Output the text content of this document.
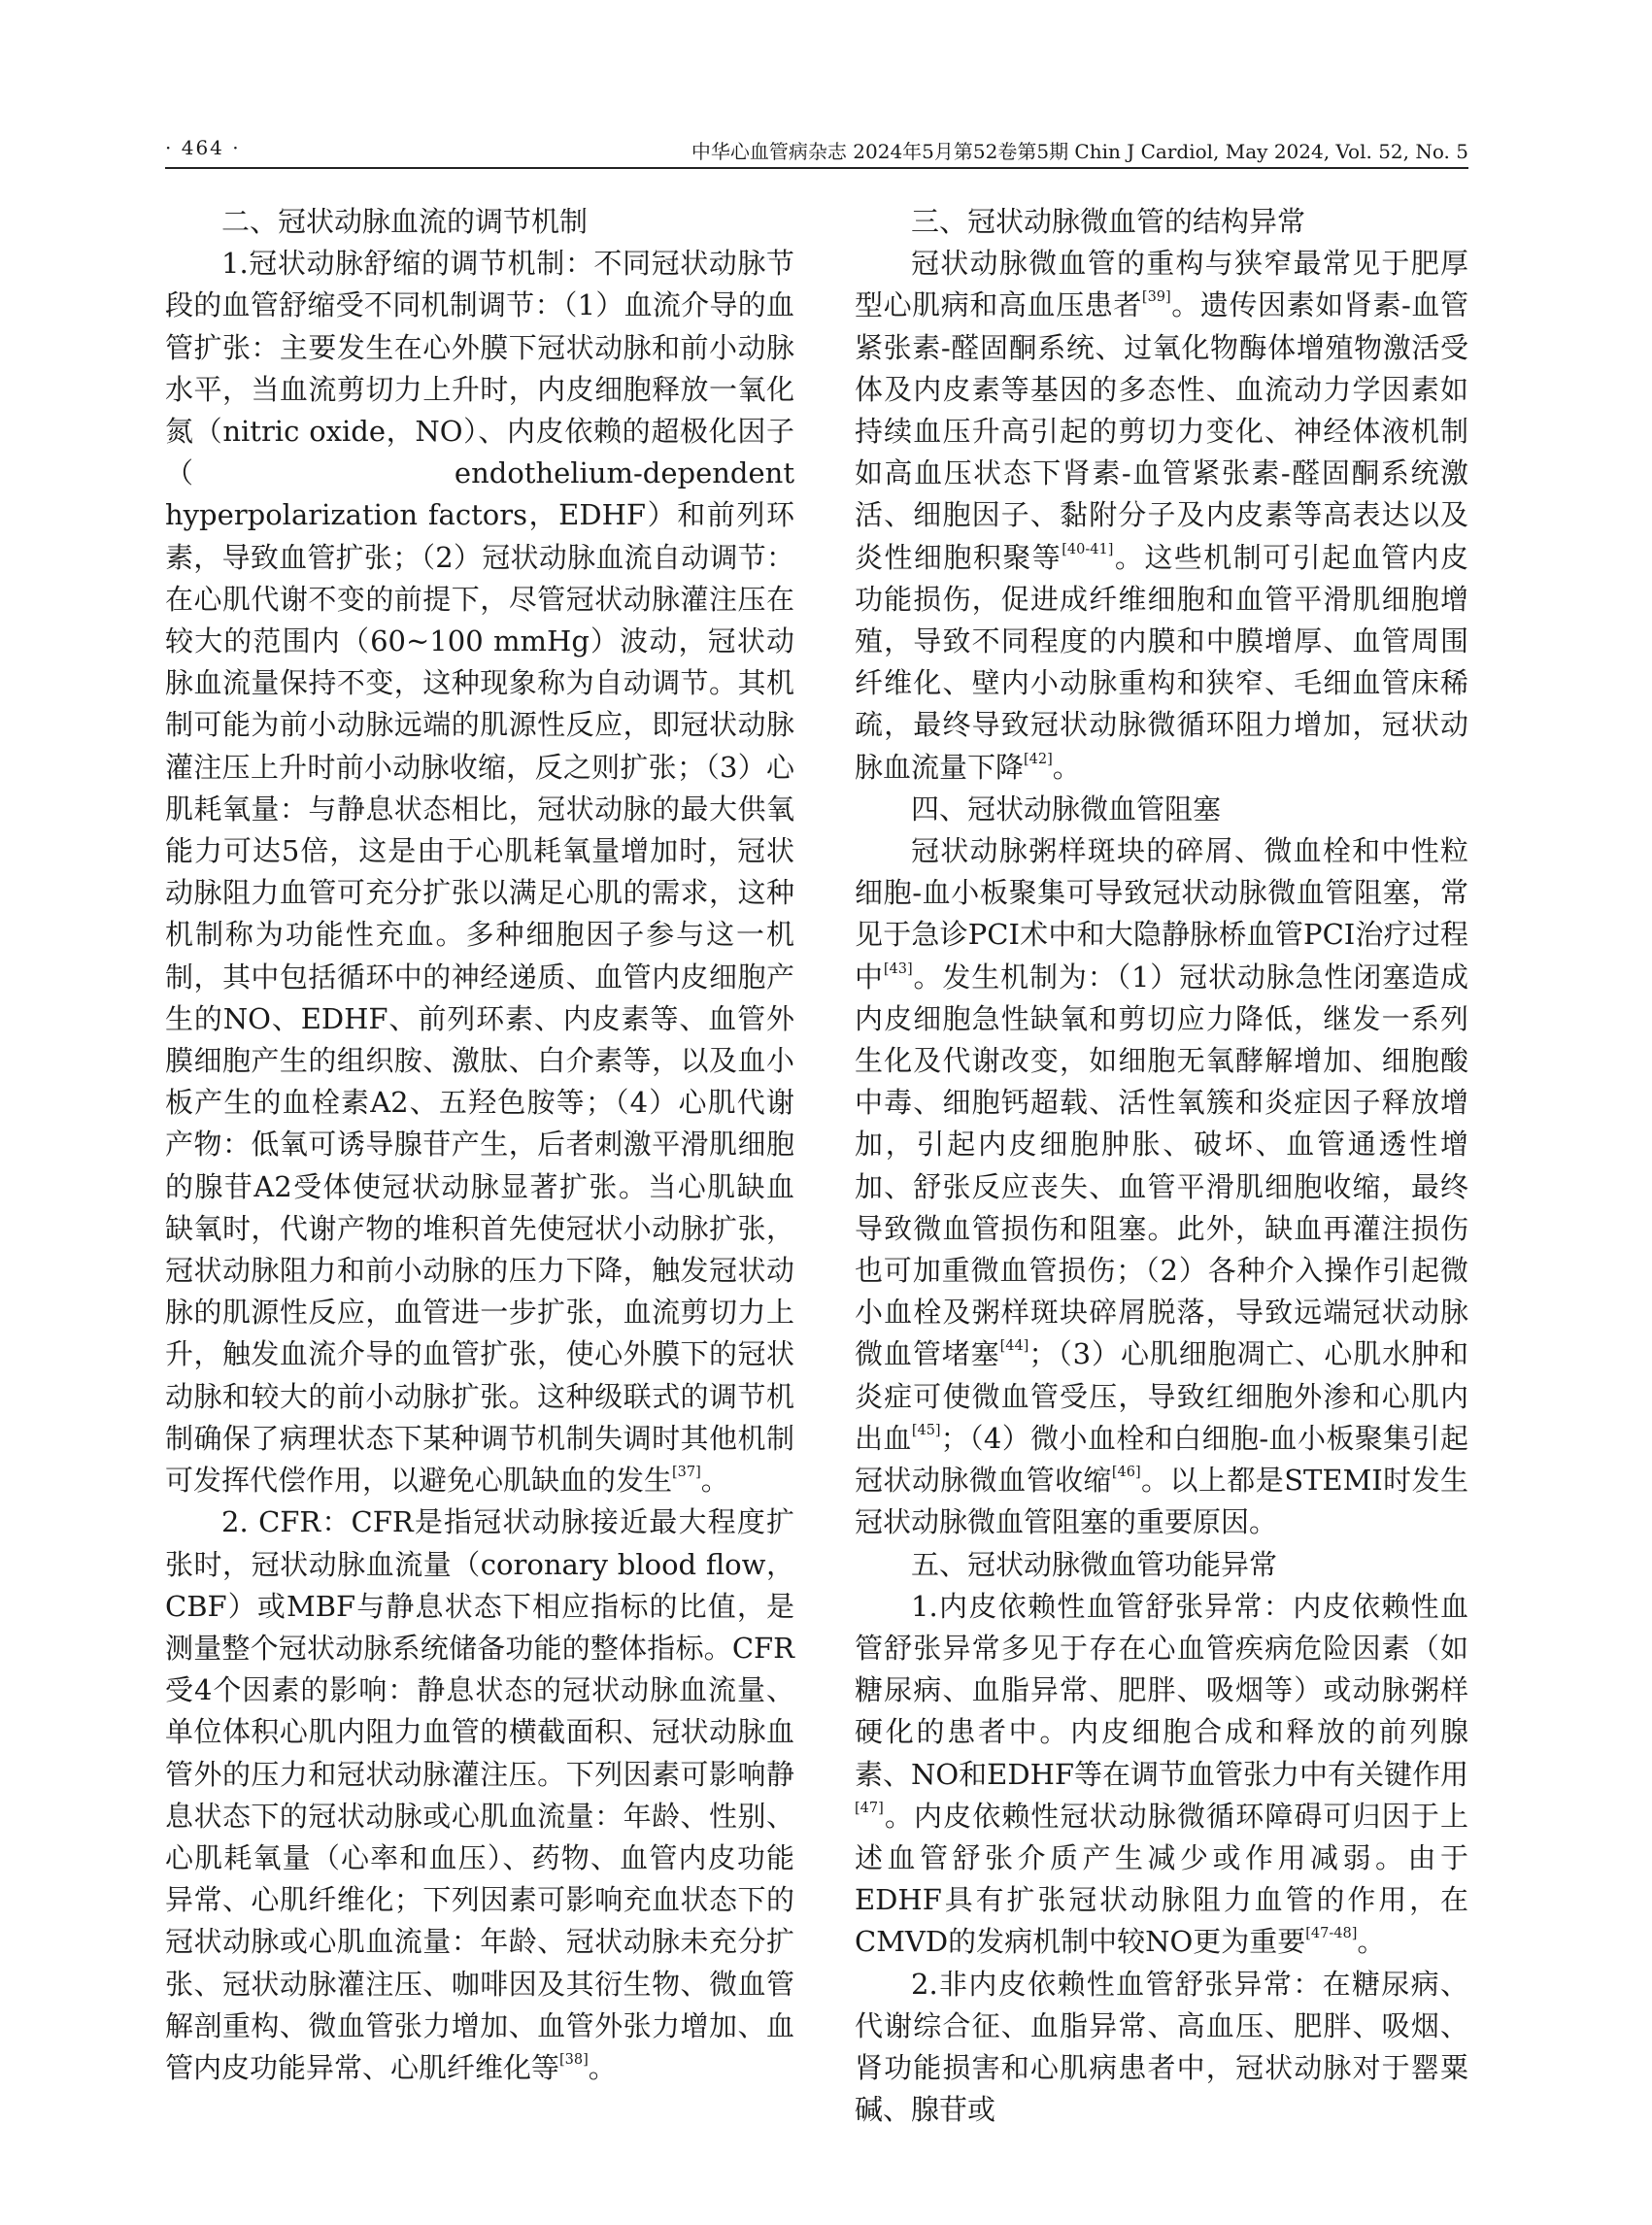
· 464 ·	中华心血管病杂志 2024年5月第52卷第5期 Chin J Cardiol, May 2024, Vol. 52, No. 5

二、冠状动脉血流的调节机制

1.冠状动脉舒缩的调节机制：不同冠状动脉节段的血管舒缩受不同机制调节：（1）血流介导的血管扩张：主要发生在心外膜下冠状动脉和前小动脉水平，当血流剪切力上升时，内皮细胞释放一氧化氮（nitric oxide，NO）、内皮依赖的超极化因子（endothelium-dependent hyperpolarization factors，EDHF）和前列环素，导致血管扩张；（2）冠状动脉血流自动调节：在心肌代谢不变的前提下，尽管冠状动脉灌注压在较大的范围内（60~100 mmHg）波动，冠状动脉血流量保持不变，这种现象称为自动调节。其机制可能为前小动脉远端的肌源性反应，即冠状动脉灌注压上升时前小动脉收缩，反之则扩张；（3）心肌耗氧量：与静息状态相比，冠状动脉的最大供氧能力可达5倍，这是由于心肌耗氧量增加时，冠状动脉阻力血管可充分扩张以满足心肌的需求，这种机制称为功能性充血。多种细胞因子参与这一机制，其中包括循环中的神经递质、血管内皮细胞产生的NO、EDHF、前列环素、内皮素等、血管外膜细胞产生的组织胺、激肽、白介素等，以及血小板产生的血栓素A2、五羟色胺等；（4）心肌代谢产物：低氧可诱导腺苷产生，后者刺激平滑肌细胞的腺苷A2受体使冠状动脉显著扩张。当心肌缺血缺氧时，代谢产物的堆积首先使冠状小动脉扩张，冠状动脉阻力和前小动脉的压力下降，触发冠状动脉的肌源性反应，血管进一步扩张，血流剪切力上升，触发血流介导的血管扩张，使心外膜下的冠状动脉和较大的前小动脉扩张。这种级联式的调节机制确保了病理状态下某种调节机制失调时其他机制可发挥代偿作用，以避免心肌缺血的发生[37]。

2. CFR：CFR是指冠状动脉接近最大程度扩张时，冠状动脉血流量（coronary blood flow，CBF）或MBF与静息状态下相应指标的比值，是测量整个冠状动脉系统储备功能的整体指标。CFR受4个因素的影响：静息状态的冠状动脉血流量、单位体积心肌内阻力血管的横截面积、冠状动脉血管外的压力和冠状动脉灌注压。下列因素可影响静息状态下的冠状动脉或心肌血流量：年龄、性别、心肌耗氧量（心率和血压）、药物、血管内皮功能异常、心肌纤维化；下列因素可影响充血状态下的冠状动脉或心肌血流量：年龄、冠状动脉未充分扩张、冠状动脉灌注压、咖啡因及其衍生物、微血管解剖重构、微血管张力增加、血管外张力增加、血管内皮功能异常、心肌纤维化等[38]。

三、冠状动脉微血管的结构异常

冠状动脉微血管的重构与狭窄最常见于肥厚型心肌病和高血压患者[39]。遗传因素如肾素-血管紧张素-醛固酮系统、过氧化物酶体增殖物激活受体及内皮素等基因的多态性、血流动力学因素如持续血压升高引起的剪切力变化、神经体液机制如高血压状态下肾素-血管紧张素-醛固酮系统激活、细胞因子、黏附分子及内皮素等高表达以及炎性细胞积聚等[40-41]。这些机制可引起血管内皮功能损伤，促进成纤维细胞和血管平滑肌细胞增殖，导致不同程度的内膜和中膜增厚、血管周围纤维化、壁内小动脉重构和狭窄、毛细血管床稀疏，最终导致冠状动脉微循环阻力增加，冠状动脉血流量下降[42]。

四、冠状动脉微血管阻塞

冠状动脉粥样斑块的碎屑、微血栓和中性粒细胞-血小板聚集可导致冠状动脉微血管阻塞，常见于急诊PCI术中和大隐静脉桥血管PCI治疗过程中[43]。发生机制为：（1）冠状动脉急性闭塞造成内皮细胞急性缺氧和剪切应力降低，继发一系列生化及代谢改变，如细胞无氧酵解增加、细胞酸中毒、细胞钙超载、活性氧簇和炎症因子释放增加，引起内皮细胞肿胀、破坏、血管通透性增加、舒张反应丧失、血管平滑肌细胞收缩，最终导致微血管损伤和阻塞。此外，缺血再灌注损伤也可加重微血管损伤；（2）各种介入操作引起微小血栓及粥样斑块碎屑脱落，导致远端冠状动脉微血管堵塞[44]；（3）心肌细胞凋亡、心肌水肿和炎症可使微血管受压，导致红细胞外渗和心肌内出血[45]；（4）微小血栓和白细胞-血小板聚集引起冠状动脉微血管收缩[46]。以上都是STEMI时发生冠状动脉微血管阻塞的重要原因。

五、冠状动脉微血管功能异常

1.内皮依赖性血管舒张异常：内皮依赖性血管舒张异常多见于存在心血管疾病危险因素（如糖尿病、血脂异常、肥胖、吸烟等）或动脉粥样硬化的患者中。内皮细胞合成和释放的前列腺素、NO和EDHF等在调节血管张力中有关键作用[47]。内皮依赖性冠状动脉微循环障碍可归因于上述血管舒张介质产生减少或作用减弱。由于EDHF具有扩张冠状动脉阻力血管的作用，在CMVD的发病机制中较NO更为重要[47-48]。

2.非内皮依赖性血管舒张异常：在糖尿病、代谢综合征、血脂异常、高血压、肥胖、吸烟、肾功能损害和心肌病患者中，冠状动脉对于罂粟碱、腺苷或
